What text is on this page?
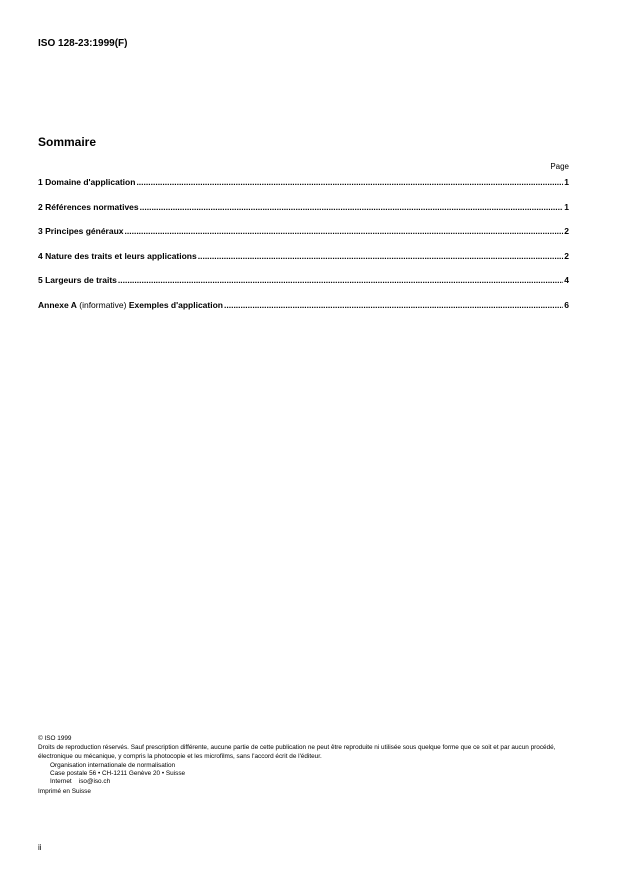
ISO 128-23:1999(F)
Sommaire
Page
1 Domaine d'application .....	1
2 Références normatives .....	1
3 Principes généraux .....	2
4 Nature des traits et leurs applications .....	2
5 Largeurs de traits .....	4
Annexe A (informative) Exemples d'application .....	6

© ISO 1999

Droits de reproduction réservés. Sauf prescription différente, aucune partie de cette publication ne peut être reproduite ni utilisée sous quelque forme que ce soit et par aucun procédé, électronique ou mécanique, y compris la photocopie et les microfilms, sans l'accord écrit de l'éditeur.

Organisation internationale de normalisation

Case postale 56 • CH-1211 Genève 20 • Suisse

Internet iso@iso.ch

Imprimé en Suisse

ii
